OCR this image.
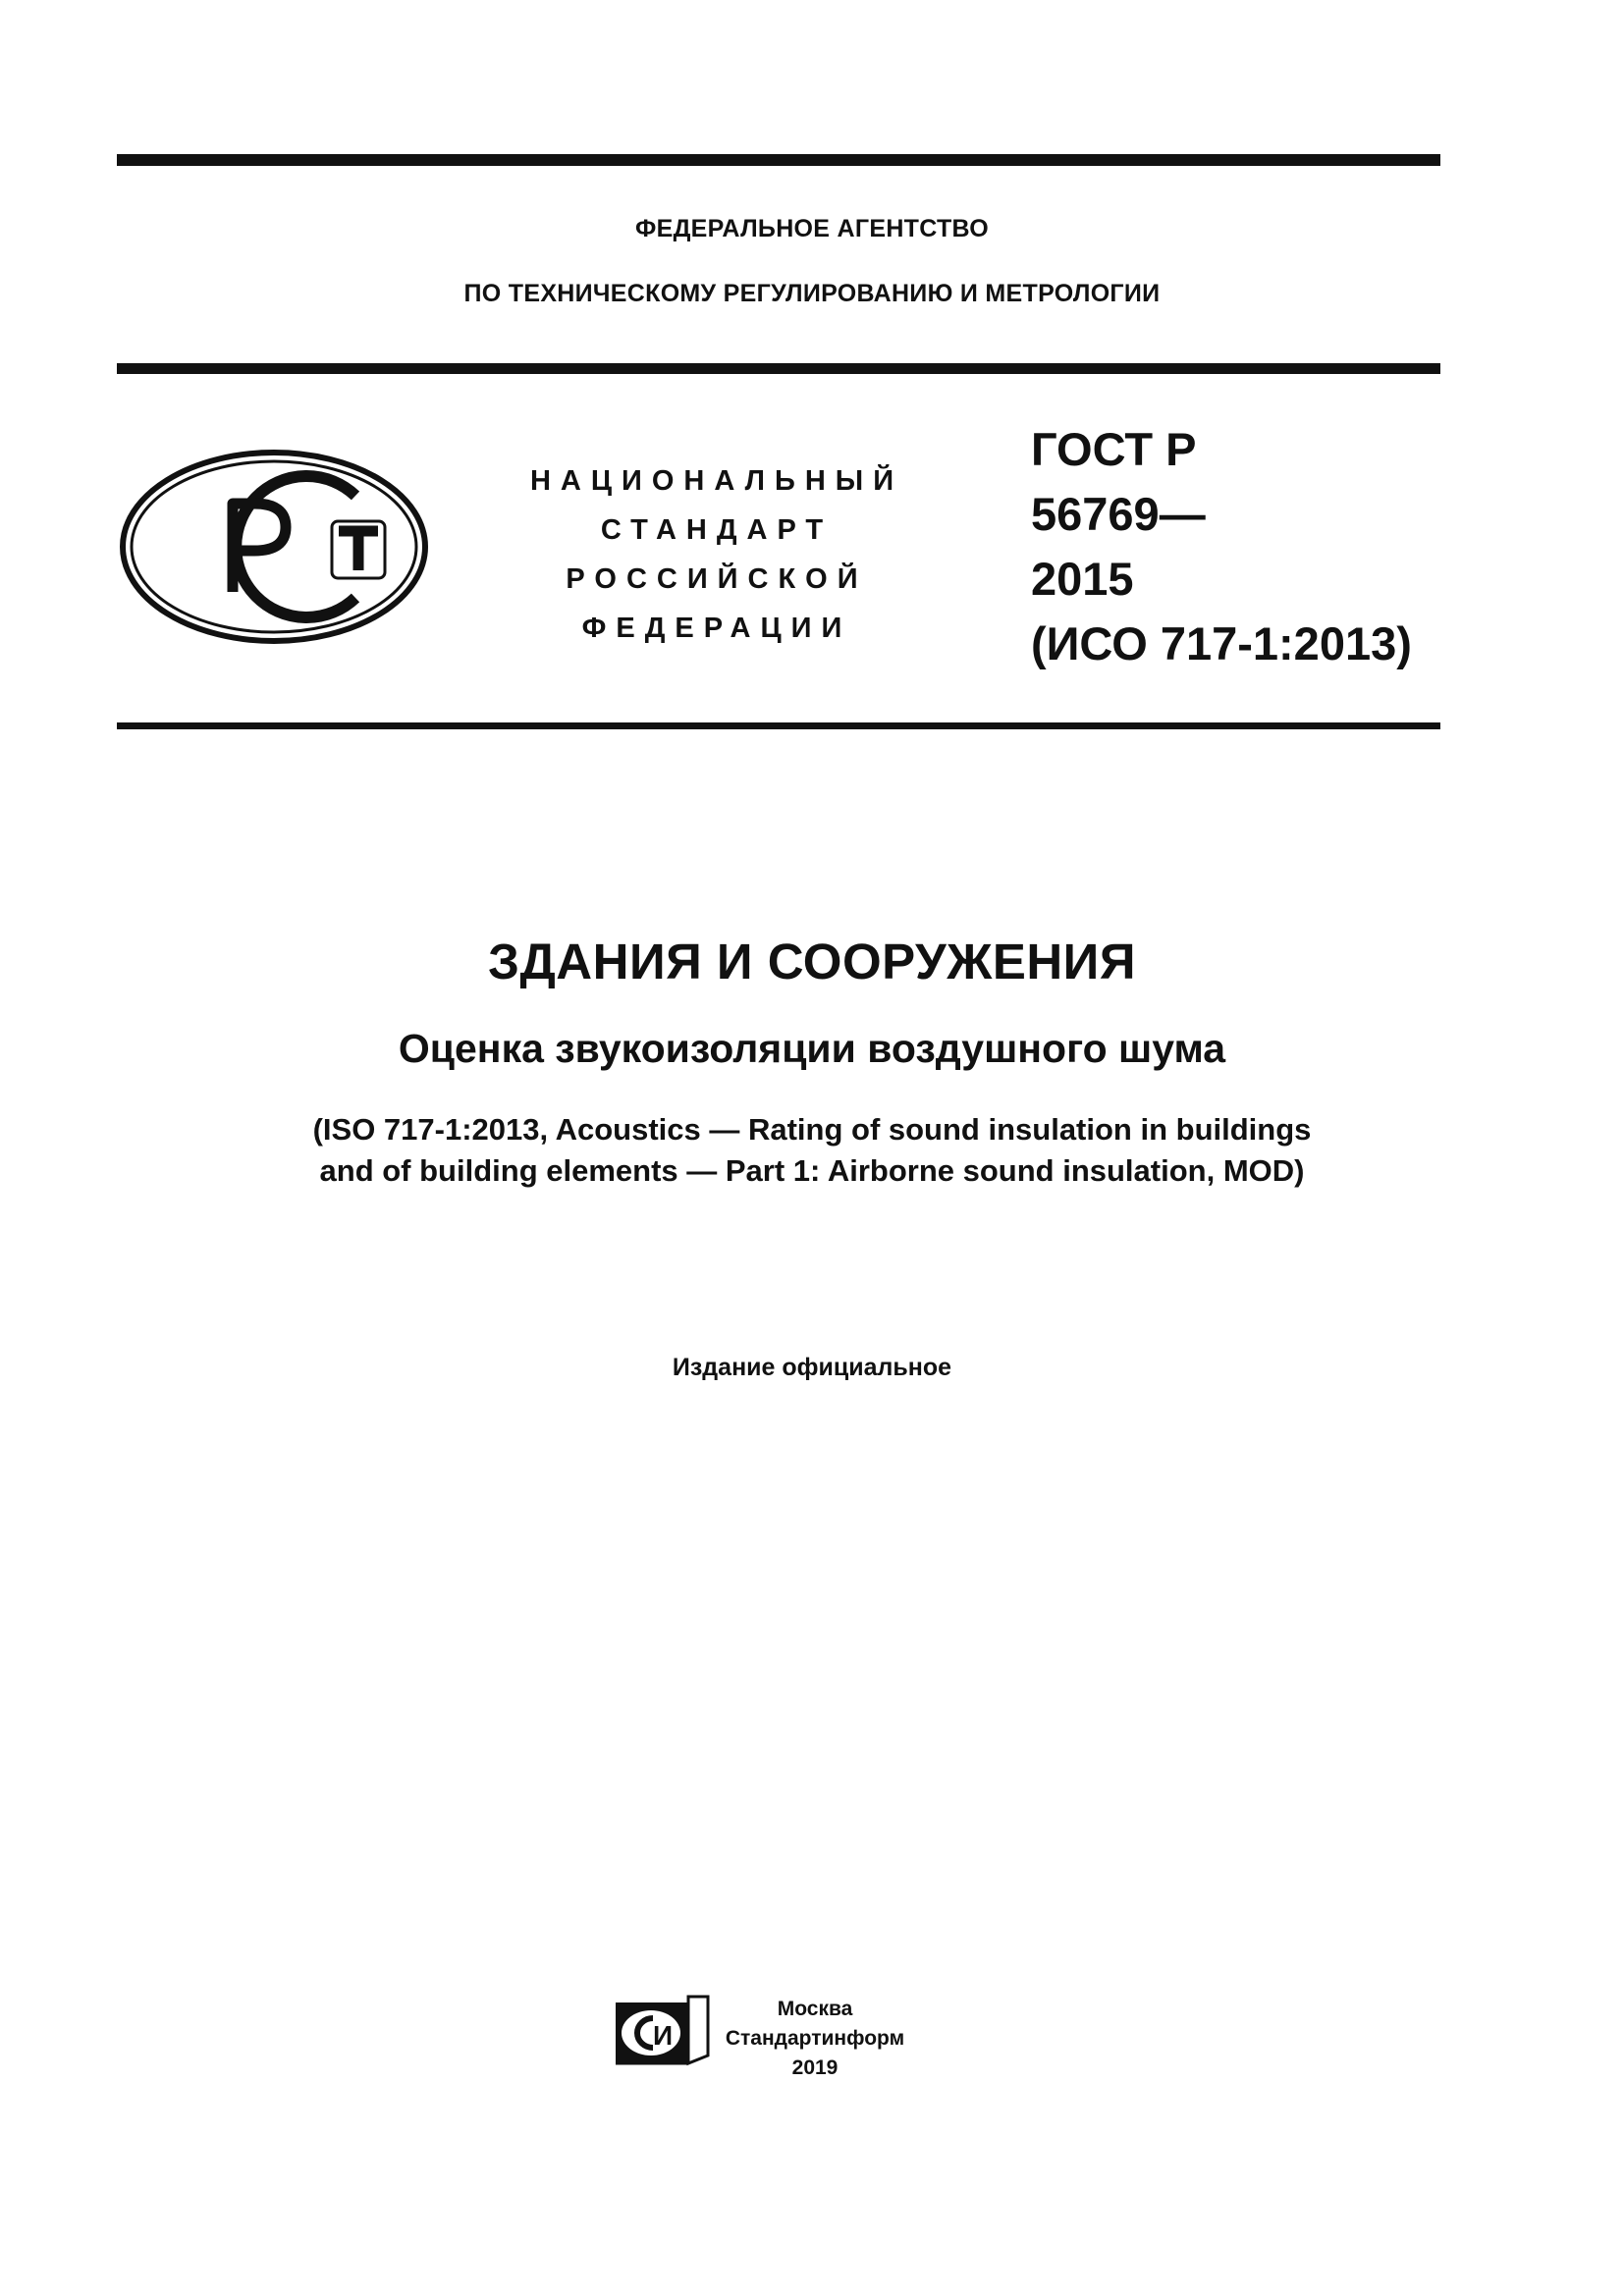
ФЕДЕРАЛЬНОЕ АГЕНТСТВО
ПО ТЕХНИЧЕСКОМУ РЕГУЛИРОВАНИЮ И МЕТРОЛОГИИ
НАЦИОНАЛЬНЫЙ
СТАНДАРТ
РОССИЙСКОЙ
ФЕДЕРАЦИИ
ГОСТ Р
56769—
2015
(ИСО 717-1:2013)
ЗДАНИЯ И СООРУЖЕНИЯ
Оценка звукоизоляции воздушного шума
(ISO 717-1:2013, Acoustics — Rating of sound insulation in buildings
and of building elements — Part 1: Airborne sound insulation, MOD)
Издание официальное
И
Москва
Стандартинформ
2019
